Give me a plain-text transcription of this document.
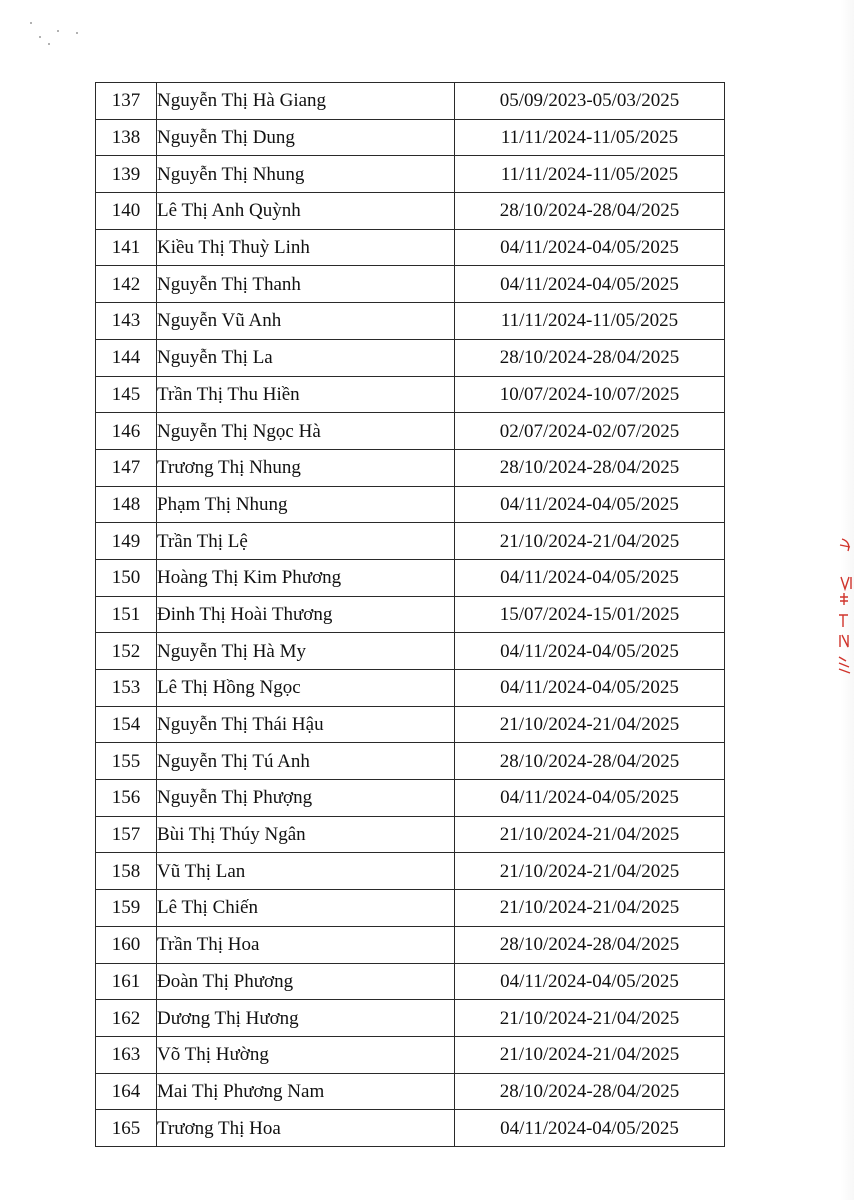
137	Nguyễn Thị Hà Giang	05/09/2023-05/03/2025
138	Nguyễn Thị Dung	11/11/2024-11/05/2025
139	Nguyễn Thị Nhung	11/11/2024-11/05/2025
140	Lê Thị Anh Quỳnh	28/10/2024-28/04/2025
141	Kiều Thị Thuỳ Linh	04/11/2024-04/05/2025
142	Nguyễn Thị Thanh	04/11/2024-04/05/2025
143	Nguyễn Vũ Anh	11/11/2024-11/05/2025
144	Nguyễn Thị La	28/10/2024-28/04/2025
145	Trần Thị Thu Hiền	10/07/2024-10/07/2025
146	Nguyễn Thị Ngọc Hà	02/07/2024-02/07/2025
147	Trương Thị Nhung	28/10/2024-28/04/2025
148	Phạm Thị Nhung	04/11/2024-04/05/2025
149	Trần Thị Lệ	21/10/2024-21/04/2025
150	Hoàng Thị Kim Phương	04/11/2024-04/05/2025
151	Đinh Thị Hoài Thương	15/07/2024-15/01/2025
152	Nguyễn Thị Hà My	04/11/2024-04/05/2025
153	Lê Thị Hồng Ngọc	04/11/2024-04/05/2025
154	Nguyễn Thị Thái Hậu	21/10/2024-21/04/2025
155	Nguyễn Thị Tú Anh	28/10/2024-28/04/2025
156	Nguyễn Thị Phượng	04/11/2024-04/05/2025
157	Bùi Thị Thúy Ngân	21/10/2024-21/04/2025
158	Vũ Thị Lan	21/10/2024-21/04/2025
159	Lê Thị Chiến	21/10/2024-21/04/2025
160	Trần Thị Hoa	28/10/2024-28/04/2025
161	Đoàn Thị Phương	04/11/2024-04/05/2025
162	Dương Thị Hương	21/10/2024-21/04/2025
163	Võ Thị Hường	21/10/2024-21/04/2025
164	Mai Thị Phương Nam	28/10/2024-28/04/2025
165	Trương Thị Hoa	04/11/2024-04/05/2025
